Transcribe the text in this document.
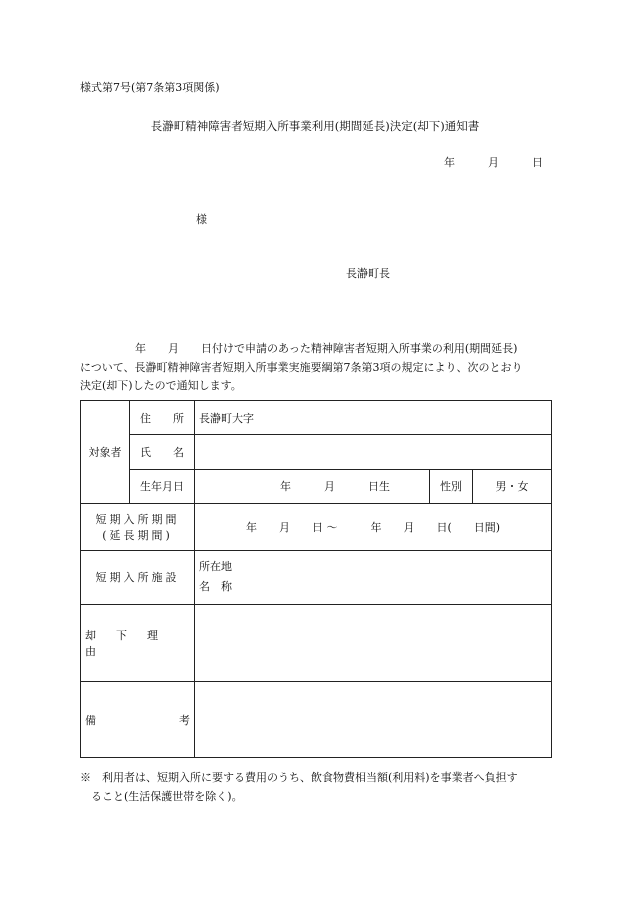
様式第7号(第7条第3項関係)
長瀞町精神障害者短期入所事業利用(期間延長)決定(却下)通知書
年	月	日
様
長瀞町長
　　　　　年　　月　　日付けで申請のあった精神障害者短期入所事業の利用(期間延長)
について、長瀞町精神障害者短期入所事業実施要綱第7条第3項の規定により、次のとおり
決定(却下)したので通知します。
対象者	住　　所	長瀞町大字		
	氏　　名			
	生年月日	年　　　月　　　日生	性別	男・女

短期入所期間
(延長期間)		年　　月　　日 〜　　　年　　月　　日(　　日間)		
短期入所施設		所在地
名　称		

却下理由				

備 考				

※　利用者は、短期入所に要する費用のうち、飲食物費相当額(利用料)を事業者へ負担す
　ること(生活保護世帯を除く)。
